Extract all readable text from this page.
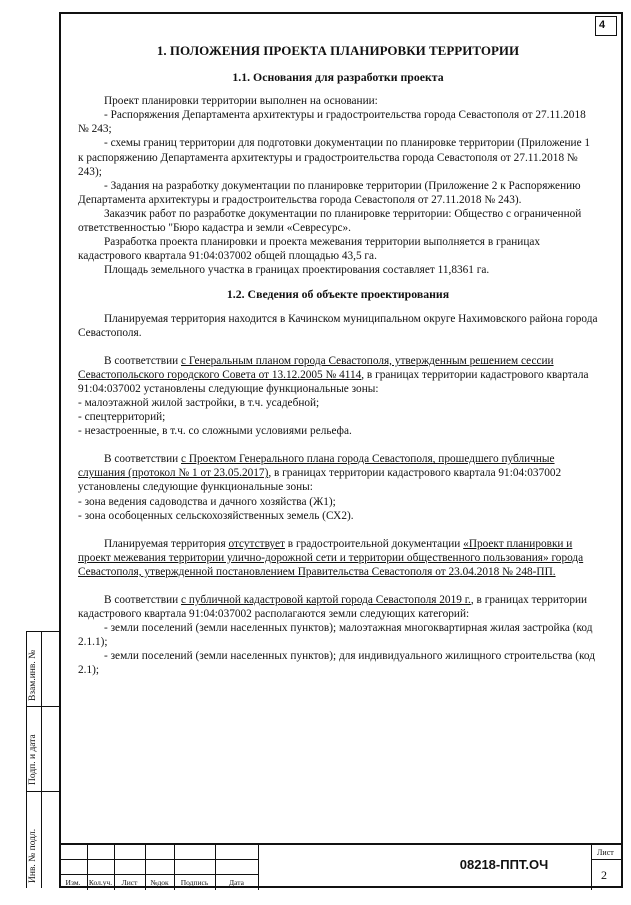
4
1. ПОЛОЖЕНИЯ ПРОЕКТА ПЛАНИРОВКИ ТЕРРИТОРИИ
1.1. Основания для разработки проекта

Проект планировки территории выполнен на основании:

- Распоряжения Департамента архитектуры и градостроительства города Севастополя от 27.11.2018 № 243;

- схемы границ территории для подготовки документации по планировке территории (Приложение 1 к распоряжению Департамента архитектуры и градостроительства города Севастополя от 27.11.2018 № 243);

- Задания на разработку документации по планировке территории (Приложение 2 к Распоряжению Департамента архитектуры и градостроительства города Севастополя от 27.11.2018 № 243).

Заказчик работ по разработке документации по планировке территории: Общество с ограниченной ответственностью "Бюро кадастра и земли «Севресурс».

Разработка проекта планировки и проекта межевания территории выполняется в границах кадастрового квартала 91:04:037002 общей площадью 43,5 га.

Площадь земельного участка в границах проектирования составляет 11,8361 га.

1.2. Сведения об объекте проектирования

Планируемая территория находится в Качинском муниципальном округе Нахимовского района города Севастополя.

В соответствии с Генеральным планом города Севастополя, утвержденным решением сессии Севастопольского городского Совета от 13.12.2005 № 4114, в границах территории кадастрового квартала 91:04:037002 установлены следующие функциональные зоны:

- малоэтажной жилой застройки, в т.ч. усадебной;

- спецтерриторий;

- незастроенные, в т.ч. со сложными условиями рельефа.

В соответствии с Проектом Генерального плана города Севастополя, прошедшего публичные слушания (протокол № 1 от 23.05.2017), в границах территории кадастрового квартала 91:04:037002 установлены следующие функциональные зоны:

- зона ведения садоводства и дачного хозяйства (Ж1);

- зона особоценных сельскохозяйственных земель (СХ2).

Планируемая территория отсутствует в градостроительной документации «Проект планировки и проект межевания территории улично-дорожной сети и территории общественного пользования» города Севастополя, утвержденной постановлением Правительства Севастополя от 23.04.2018 № 248-ПП.

В соответствии с публичной кадастровой картой города Севастополя 2019 г., в границах территории кадастрового квартала 91:04:037002 располагаются земли следующих категорий:

- земли поселений (земли населенных пунктов); малоэтажная многоквартирная жилая застройка (код 2.1.1);

- земли поселений (земли населенных пунктов); для индивидуального жилищного строительства (код 2.1);

Взам.инв. №
Подп. и дата
Инв. № подл.	Изм.	Кол.уч.	Лист	№док	Подпись	Дата
08218-ППТ.ОЧ
Лист
2
